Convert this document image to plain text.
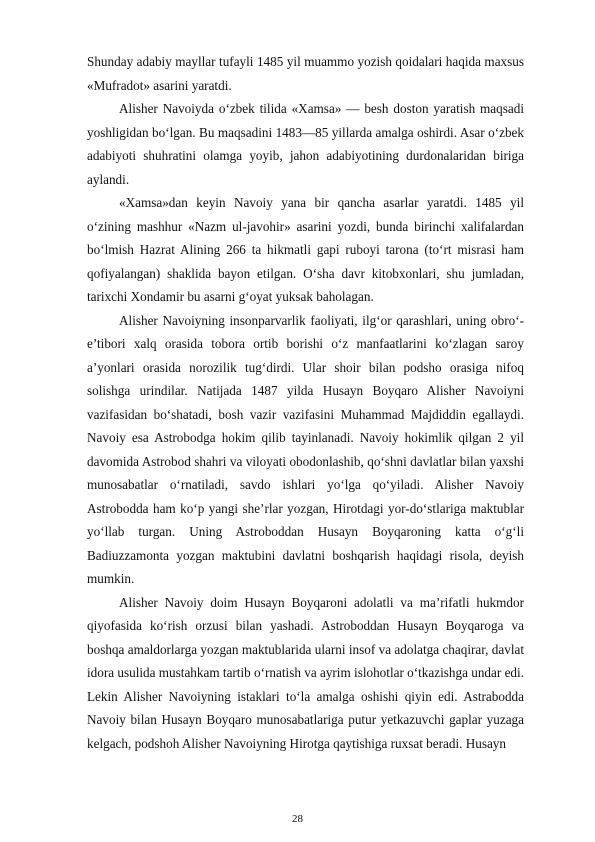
Shunday adabiy mayllar tufayli 1485 yil muammo yozish qoidalari haqida maxsus «Mufradot» asarini yaratdi.

Alisher Navoiyda o‘zbek tilida «Xamsa» — besh doston yaratish maqsadi yoshligidan bo‘lgan. Bu maqsadini 1483—85 yillarda amalga oshirdi. Asar o‘zbek adabiyoti shuhratini olamga yoyib, jahon adabiyotining durdonalaridan biriga aylandi.

«Xamsa»dan keyin Navoiy yana bir qancha asarlar yaratdi. 1485 yil o‘zining mashhur «Nazm ul-javohir» asarini yozdi, bunda birinchi xalifalardan bo‘lmish Hazrat Alining 266 ta hikmatli gapi ruboyi tarona (to‘rt misrasi ham qofiyalangan) shaklida bayon etilgan. O‘sha davr kitobxonlari, shu jumladan, tarixchi Xondamir bu asarni g‘oyat yuksak baholagan.

Alisher Navoiyning insonparvarlik faoliyati, ilg‘or qarashlari, uning obro‘-e’tibori xalq orasida tobora ortib borishi o‘z manfaatlarini ko‘zlagan saroy a’yonlari orasida norozilik tug‘dirdi. Ular shoir bilan podsho orasiga nifoq solishga urindilar. Natijada 1487 yilda Husayn Boyqaro Alisher Navoiyni vazifasidan bo‘shatadi, bosh vazir vazifasini Muhammad Majdiddin egallaydi. Navoiy esa Astrobodga hokim qilib tayinlanadi. Navoiy hokimlik qilgan 2 yil davomida Astrobod shahri va viloyati obodonlashib, qo‘shni davlatlar bilan yaxshi munosabatlar o‘rnatiladi, savdo ishlari yo‘lga qo‘yiladi. Alisher Navoiy Astrobodda ham ko‘p yangi she’rlar yozgan, Hirotdagi yor-do‘stlariga maktublar yo‘llab turgan. Uning Astroboddan Husayn Boyqaroning katta o‘g‘li Badiuzzamonta yozgan maktubini davlatni boshqarish haqidagi risola, deyish mumkin.

Alisher Navoiy doim Husayn Boyqaroni adolatli va ma’rifatli hukmdor qiyofasida ko‘rish orzusi bilan yashadi. Astroboddan Husayn Boyqaroga va boshqa amaldorlarga yozgan maktublarida ularni insof va adolatga chaqirar, davlat idora usulida mustahkam tartib o‘rnatish va ayrim islohotlar o‘tkazishga undar edi. Lekin Alisher Navoiyning istaklari to‘la amalga oshishi qiyin edi. Astrabodda Navoiy bilan Husayn Boyqaro munosabatlariga putur yetkazuvchi gaplar yuzaga kelgach, podshoh Alisher Navoiyning Hirotga qaytishiga ruxsat beradi. Husayn

28
